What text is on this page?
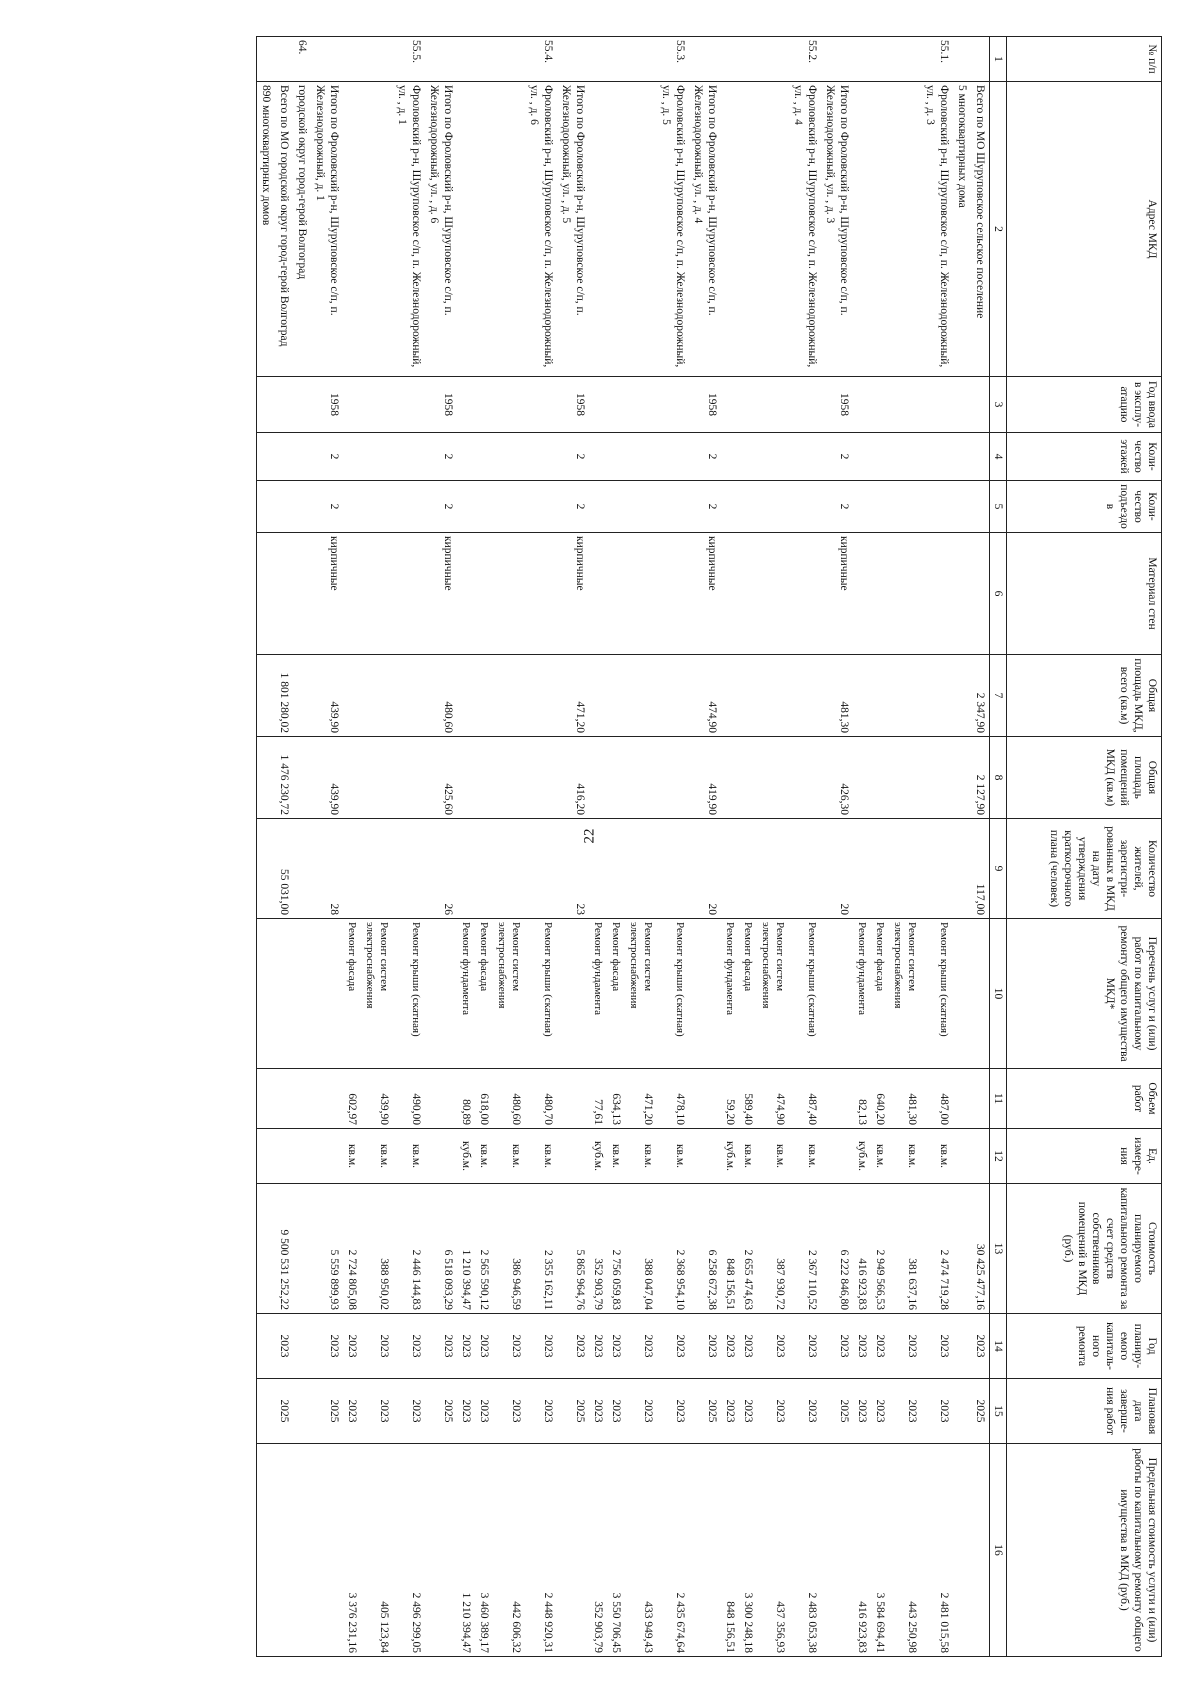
22
№ п/п	Адрес МКД	Год ввода в эксплу-атацию	Коли-чество этажей	Коли-чество подъездо в	Материал стен	Общая площадь МКД, всего (кв.м)	Общая площадь помещений МКД (кв.м)	Количество жителей, зарегистри-рованных в МКД на дату утверждения краткосрочного плана (человек)	Перечень услуг и (или) работ по капитальному ремонту общего имущества МКД*	Объем работ	Ед. измере-ния	Стоимость планируемого капитального ремонта за счет средств собственников помещений в МКД (руб.)	Год планиру-емого капиталь-ного ремонта	Плановая дата заверше-ния работ	Предельная стоимость услуги и (или) работы по капитальному ремонту общего имущества в МКД (руб.)
1	2	3	4	5	6	7	8	9	10	11	12	13	14	15	16
	Всего по МО Шуруповское сельское поселение					2 347,90	2 127,90	117,00				30 425 477,16	2023	2025	
	5 многоквартирных дома														
55.1.	Фроловский р-н, Шуруповское с/п, п. Железнодорожный, ул. , д. 3								Ремонт крыши (скатная)	487,00	кв.м.	2 474 719,28	2023	2023	2 481 015,58
									Ремонт систем электроснабжения	481,30	кв.м.	381 637,16	2023	2023	443 250,98
									Ремонт фасада	640,20	кв.м.	2 949 566,53	2023	2023	3 584 694,41
									Ремонт фундамента	82,13	куб.м.	416 923,83	2023	2023	416 923,83
	Итого по Фроловский р-н, Шуруповское с/п, п. Железнодорожный, ул. , д. 3	1958	2	2	кирпичные	481,30	426,30	20				6 222 846,80	2023	2025	
55.2.	Фроловский р-н, Шуруповское с/п, п. Железнодорожный, ул. , д. 4								Ремонт крыши (скатная)	487,40	кв.м.	2 367 110,52	2023	2023	2 483 053,38
									Ремонт систем электроснабжения	474,90	кв.м.	387 930,72	2023	2023	437 356,93
									Ремонт фасада	589,40	кв.м.	2 655 474,63	2023	2023	3 300 248,18
									Ремонт фундамента	59,20	куб.м.	848 156,51	2023	2023	848 156,51
	Итого по Фроловский р-н, Шуруповское с/п, п. Железнодорожный, ул. , д. 4	1958	2	2	кирпичные	474,90	419,90	20				6 258 672,38	2023	2025	
55.3.	Фроловский р-н, Шуруповское с/п, п. Железнодорожный, ул. , д. 5								Ремонт крыши (скатная)	478,10	кв.м.	2 368 954,10	2023	2023	2 435 674,64
									Ремонт систем электроснабжения	471,20	кв.м.	388 047,04	2023	2023	433 949,43
									Ремонт фасада	634,13	кв.м.	2 756 059,83	2023	2023	3 550 706,45
									Ремонт фундамента	77,61	куб.м.	352 903,79	2023	2023	352 903,79
	Итого по Фроловский р-н, Шуруповское с/п, п. Железнодорожный, ул. , д. 5	1958	2	2	кирпичные	471,20	416,20	23				5 865 964,76	2023	2025	
55.4.	Фроловский р-н, Шуруповское с/п, п. Железнодорожный, ул. , д. 6								Ремонт крыши (скатная)	480,70	кв.м.	2 355 162,11	2023	2023	2 448 920,31
									Ремонт систем электроснабжения	480,60	кв.м.	386 946,59	2023	2023	442 606,32
									Ремонт фасада	618,00	кв.м.	2 565 590,12	2023	2023	3 460 389,17
									Ремонт фундамента	80,89	куб.м.	1 210 394,47	2023	2023	1 210 394,47
	Итого по Фроловский р-н, Шуруповское с/п, п. Железнодорожный, ул. , д. 6	1958	2	2	кирпичные	480,60	425,60	26				6 518 093,29	2023	2025	
55.5.	Фроловский р-н, Шуруповское с/п, п. Железнодорожный, ул. , д. 1								Ремонт крыши (скатная)	490,00	кв.м.	2 446 144,83	2023	2023	2 496 299,05
									Ремонт систем электроснабжения	439,90	кв.м.	388 950,02	2023	2023	405 123,84
									Ремонт фасада	602,97	кв.м.	2 724 805,08	2023	2023	3 376 231,16
	Итого по Фроловский р-н, Шуруповское с/п, п. Железнодорожный, д. 1	1958	2	2	кирпичные	439,90	439,90	28				5 559 899,93	2023	2025	
64.	городской округ город-герой Волгоград														
	Всего по МО городской округ город-герой Волгоград					1 801 280,02	1 476 230,72	55 031,00				9 500 531 252,22	2023	2025	
	890 многоквартирных домов														
